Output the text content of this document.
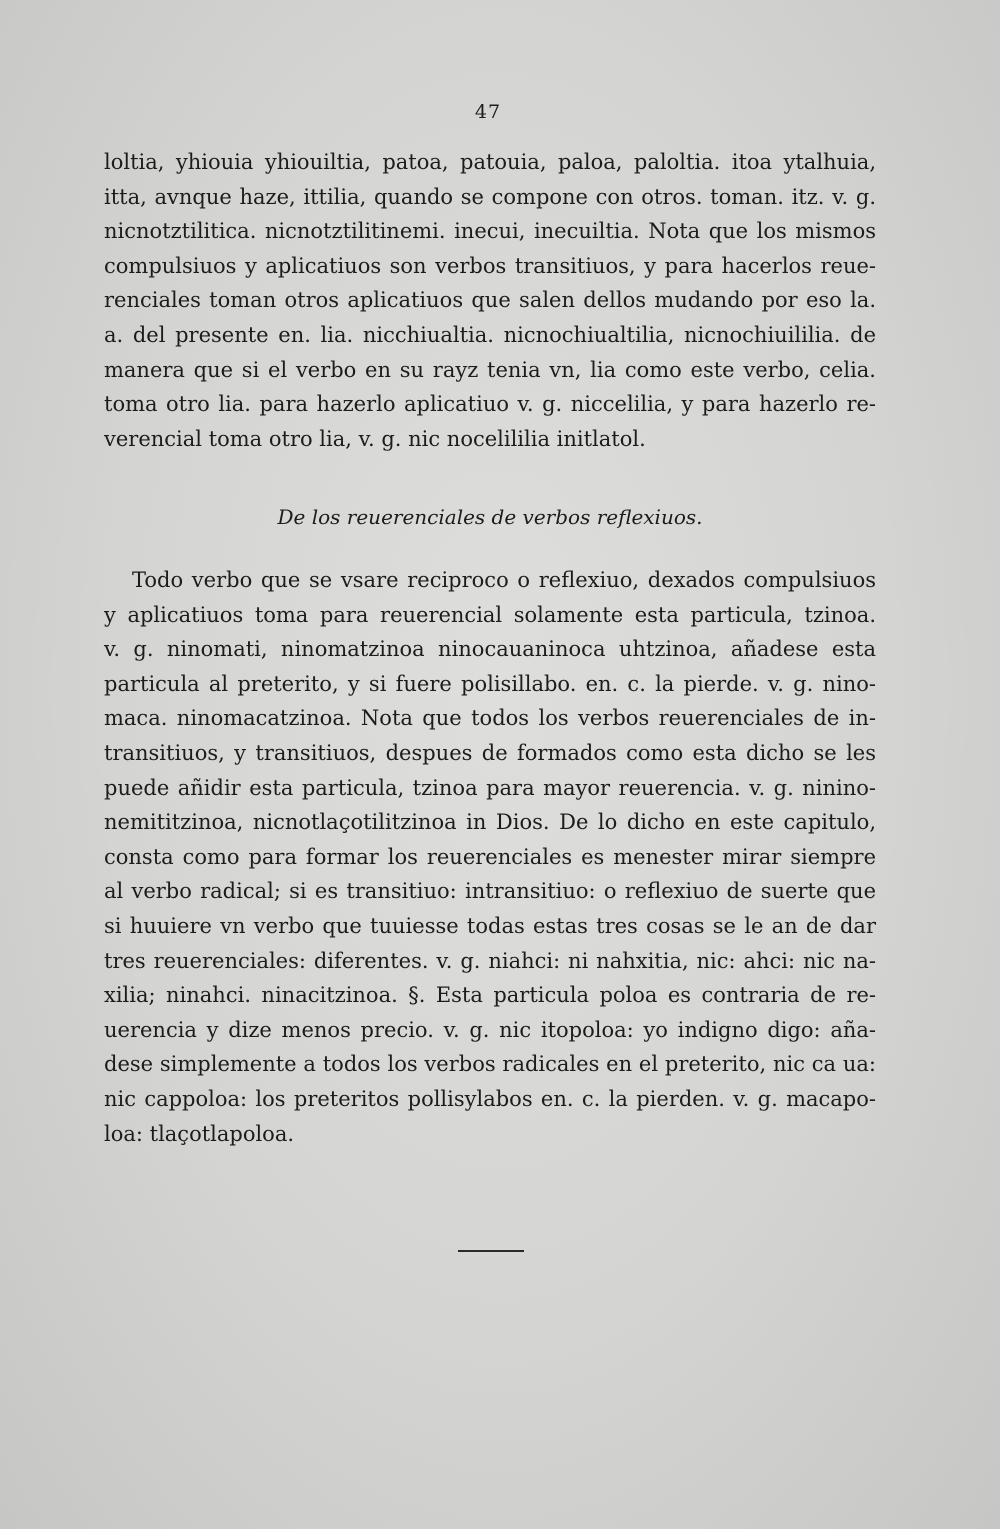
47
loltia, yhiouia yhiouiltia, patoa, patouia, paloa, paloltia. itoa ytalhuia,
itta, avnque haze, ittilia, quando se compone con otros. toman. itz. v. g.
nicnotztilitica. nicnotztilitinemi. inecui, inecuiltia. Nota que los mismos
compulsiuos y aplicatiuos son verbos transitiuos, y para hacerlos reue-
renciales toman otros aplicatiuos que salen dellos mudando por eso la.
a. del presente en. lia. nicchiualtia. nicnochiualtilia, nicnochiuililia. de
manera que si el verbo en su rayz tenia vn, lia como este verbo, celia.
toma otro lia. para hazerlo aplicatiuo v. g. niccelilia, y para hazerlo re-
verencial toma otro lia, v. g. nic nocelililia initlatol.
De los reuerenciales de verbos reflexiuos.
Todo verbo que se vsare reciproco o reflexiuo, dexados compulsiuos
y aplicatiuos toma para reuerencial solamente esta particula, tzinoa.
v. g. ninomati, ninomatzinoa ninocauaninoca uhtzinoa, añadese esta
particula al preterito, y si fuere polisillabo. en. c. la pierde. v. g. nino-
maca. ninomacatzinoa. Nota que todos los verbos reuerenciales de in-
transitiuos, y transitiuos, despues de formados como esta dicho se les
puede añidir esta particula, tzinoa para mayor reuerencia. v. g. ninino-
nemititzinoa, nicnotlaçotilitzinoa in Dios. De lo dicho en este capitulo,
consta como para formar los reuerenciales es menester mirar siempre
al verbo radical; si es transitiuo: intransitiuo: o reflexiuo de suerte que
si huuiere vn verbo que tuuiesse todas estas tres cosas se le an de dar
tres reuerenciales: diferentes. v. g. niahci: ni nahxitia, nic: ahci: nic na-
xilia; ninahci. ninacitzinoa. §. Esta particula poloa es contraria de re-
uerencia y dize menos precio. v. g. nic itopoloa: yo indigno digo: aña-
dese simplemente a todos los verbos radicales en el preterito, nic ca ua:
nic cappoloa: los preteritos pollisylabos en. c. la pierden. v. g. macapo-
loa: tlaçotlapoloa.
